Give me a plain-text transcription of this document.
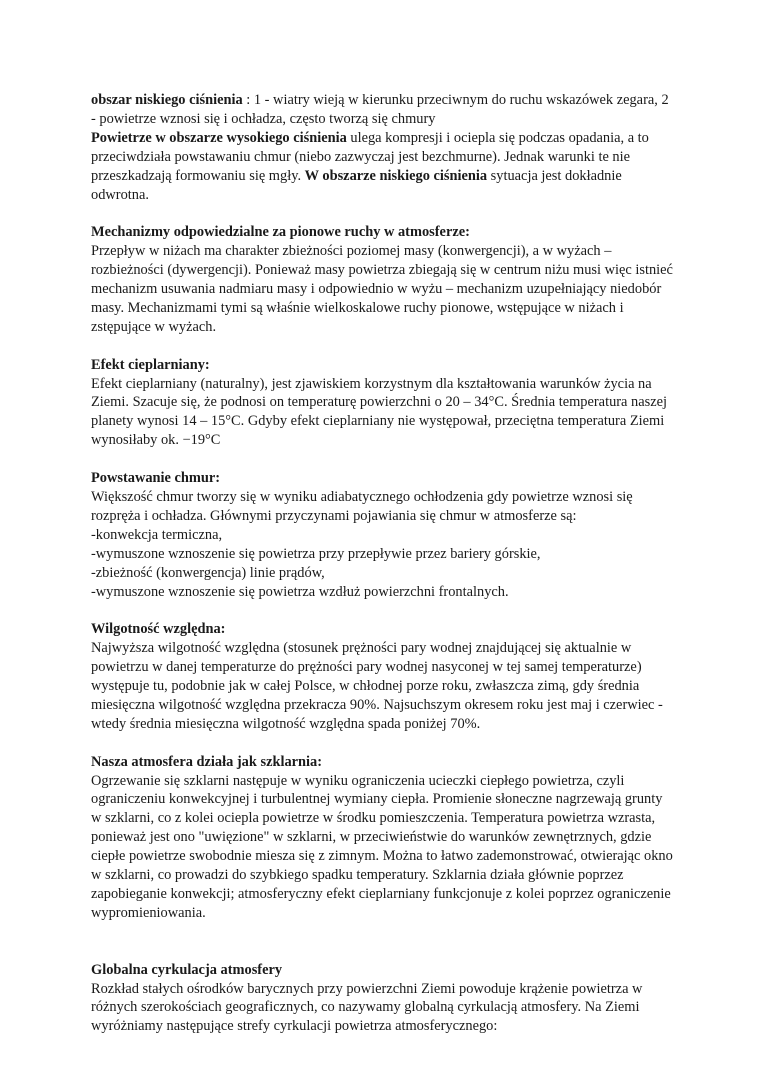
obszar niskiego ciśnienia : 1 - wiatry wieją w kierunku przeciwnym do ruchu wskazówek zegara, 2 - powietrze wznosi się i ochładza, często tworzą się chmury

Powietrze w obszarze wysokiego ciśnienia ulega kompresji i ociepla się podczas opadania, a to przeciwdziała powstawaniu chmur (niebo zazwyczaj jest bezchmurne). Jednak warunki te nie przeszkadzają formowaniu się mgły. W obszarze niskiego ciśnienia sytuacja jest dokładnie odwrotna.

Mechanizmy odpowiedzialne za pionowe ruchy w atmosferze:

Przepływ w niżach ma charakter zbieżności poziomej masy (konwergencji), a w wyżach – rozbieżności (dywergencji). Ponieważ masy powietrza zbiegają się w centrum niżu musi więc istnieć mechanizm usuwania nadmiaru masy i odpowiednio w wyżu – mechanizm uzupełniający niedobór masy. Mechanizmami tymi są właśnie wielkoskalowe ruchy pionowe, wstępujące w niżach i zstępujące w wyżach.

Efekt cieplarniany:

Efekt cieplarniany (naturalny), jest zjawiskiem korzystnym dla kształtowania warunków życia na Ziemi. Szacuje się, że podnosi on temperaturę powierzchni o 20 – 34°C. Średnia temperatura naszej planety wynosi 14 – 15°C. Gdyby efekt cieplarniany nie występował, przeciętna temperatura Ziemi wynosiłaby ok. −19°C

Powstawanie chmur:

Większość chmur tworzy się w wyniku adiabatycznego ochłodzenia gdy powietrze wznosi się rozpręża i ochładza. Głównymi przyczynami pojawiania się chmur w atmosferze są:

-konwekcja termiczna,

-wymuszone wznoszenie się powietrza przy przepływie przez bariery górskie,

-zbieżność (konwergencja) linie prądów,

-wymuszone wznoszenie się powietrza wzdłuż powierzchni frontalnych.

Wilgotność względna:

Najwyższa wilgotność względna (stosunek prężności pary wodnej znajdującej się aktualnie w powietrzu w danej temperaturze do prężności pary wodnej nasyconej w tej samej temperaturze) występuje tu, podobnie jak w całej Polsce, w chłodnej porze roku, zwłaszcza zimą, gdy średnia miesięczna wilgotność względna przekracza 90%. Najsuchszym okresem roku jest maj i czerwiec - wtedy średnia miesięczna wilgotność względna spada poniżej 70%.

Nasza atmosfera działa jak szklarnia:

Ogrzewanie się szklarni następuje w wyniku ograniczenia ucieczki ciepłego powietrza, czyli ograniczeniu konwekcyjnej i turbulentnej wymiany ciepła. Promienie słoneczne nagrzewają grunty w szklarni, co z kolei ociepla powietrze w środku pomieszczenia. Temperatura powietrza wzrasta, ponieważ jest ono "uwięzione" w szklarni, w przeciwieństwie do warunków zewnętrznych, gdzie ciepłe powietrze swobodnie miesza się z zimnym. Można to łatwo zademonstrować, otwierając okno w szklarni, co prowadzi do szybkiego spadku temperatury. Szklarnia działa głównie poprzez zapobieganie konwekcji; atmosferyczny efekt cieplarniany funkcjonuje z kolei poprzez ograniczenie wypromieniowania.

Globalna cyrkulacja atmosfery

Rozkład stałych ośrodków barycznych przy powierzchni Ziemi powoduje krążenie powietrza w różnych szerokościach geograficznych, co nazywamy globalną cyrkulacją atmosfery. Na Ziemi wyróżniamy następujące strefy cyrkulacji powietrza atmosferycznego:
